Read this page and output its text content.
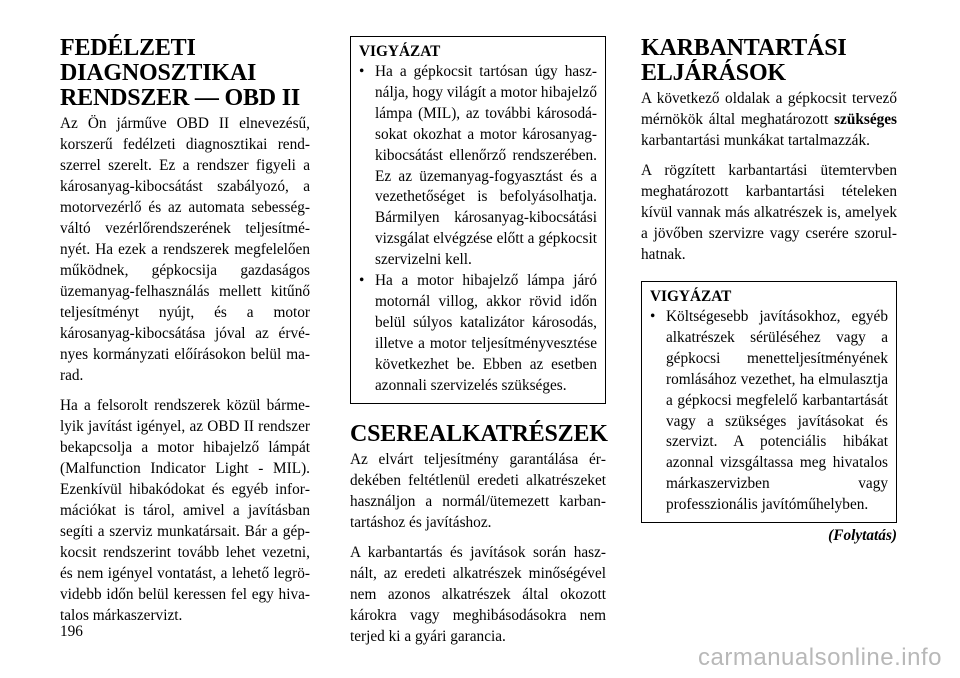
FEDÉLZETI DIAGNOSZTIKAI RENDSZER — OBD II

Az Ön járműve OBD II elnevezésű, korszerű fedélzeti diagnosztikai rendszerrel szerelt. Ez a rendszer figyeli a károsanyag-kibocsátást szabályozó, a motorvezérlő és az automata sebességváltó vezérlőrendszerének teljesítményét. Ha ezek a rendszerek megfelelően működnek, gépkocsija gazdaságos üzemanyag-felhasználás mellett kitűnő teljesítményt nyújt, és a motor károsanyag-kibocsátása jóval az érvényes kormányzati előírásokon belül marad.

Ha a felsorolt rendszerek közül bármelyik javítást igényel, az OBD II rendszer bekapcsolja a motor hibajelző lámpát (Malfunction Indicator Light - MIL). Ezenkívül hibakódokat és egyéb információkat is tárol, amivel a javításban segíti a szerviz munkatársait. Bár a gépkocsit rendszerint tovább lehet vezetni, és nem igényel vontatást, a lehető legrövidebb időn belül keressen fel egy hivatalos márkaszervizt.

VIGYÁZAT
• Ha a gépkocsit tartósan úgy használja, hogy világít a motor hibajelző lámpa (MIL), az további károsodásokat okozhat a motor károsanyag-kibocsátást ellenőrző rendszerében. Ez az üzemanyag-fogyasztást és a vezethetőséget is befolyásolhatja. Bármilyen károsanyag-kibocsátási vizsgálat elvégzése előtt a gépkocsit szervizelni kell.
• Ha a motor hibajelző lámpa járó motornál villog, akkor rövid időn belül súlyos katalizátor károsodás, illetve a motor teljesítményvesztése következhet be. Ebben az esetben azonnali szervizelés szükséges.
CSEREALKATRÉSZEK

Az elvárt teljesítmény garantálása érdekében feltétlenül eredeti alkatrészeket használjon a normál/ütemezett karbantartáshoz és javításhoz.

A karbantartás és javítások során használt, az eredeti alkatrészek minőségével nem azonos alkatrészek által okozott károkra vagy meghibásodásokra nem terjed ki a gyári garancia.

KARBANTARTÁSI ELJÁRÁSOK

A következő oldalak a gépkocsit tervező mérnökök által meghatározott szükséges karbantartási munkákat tartalmazzák.

A rögzített karbantartási ütemtervben meghatározott karbantartási tételeken kívül vannak más alkatrészek is, amelyek a jövőben szervizre vagy cserére szorulhatnak.

VIGYÁZAT
• Költségesebb javításokhoz, egyéb alkatrészek sérüléséhez vagy a gépkocsi menetteljesítményének romlásához vezethet, ha elmulasztja a gépkocsi megfelelő karbantartását vagy a szükséges javításokat és szervizt. A potenciális hibákat azonnal vizsgáltassa meg hivatalos márkaszervizben vagy professzionális javítóműhelyben.
(Folytatás)
196
carmanualsonline.info
